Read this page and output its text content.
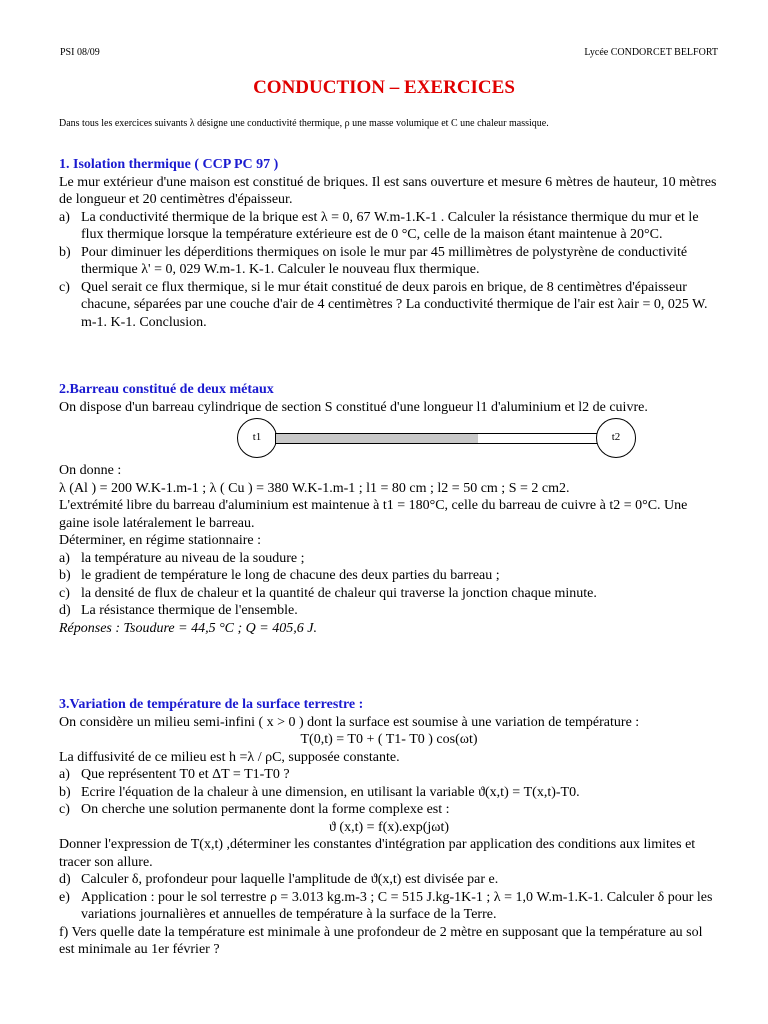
PSI 08/09	Lycée CONDORCET BELFORT
CONDUCTION – EXERCICES
Dans tous les exercices suivants λ désigne une conductivité thermique, ρ une masse volumique et C une chaleur massique.
1. Isolation thermique ( CCP PC 97 )
Le mur extérieur d'une maison est constitué de briques. Il est sans ouverture et mesure 6 mètres de hauteur, 10 mètres de longueur et 20 centimètres d'épaisseur.
a) La conductivité thermique de la brique est λ = 0, 67 W.m-1.K-1 . Calculer la résistance thermique du mur et le flux thermique lorsque la température extérieure est de 0 °C, celle de la maison étant maintenue à 20°C.
b) Pour diminuer les déperditions thermiques on isole le mur par 45 millimètres de polystyrène de conductivité thermique λ' = 0, 029 W.m-1. K-1. Calculer le nouveau flux thermique.
c) Quel serait ce flux thermique, si le mur était constitué de deux parois en brique, de 8 centimètres d'épaisseur chacune, séparées par une couche d'air de 4 centimètres ? La conductivité thermique de l'air est λair = 0, 025 W. m-1. K-1. Conclusion.
2.Barreau constitué de deux métaux
On dispose d'un barreau cylindrique de section S constitué d'une longueur l1 d'aluminium et l2 de cuivre.
t1	t2
On donne :
λ (Al ) = 200 W.K-1.m-1 ; λ ( Cu ) = 380 W.K-1.m-1 ; l1 = 80 cm ; l2 = 50 cm ; S = 2 cm2.
L'extrémité libre du barreau d'aluminium est maintenue à t1 = 180°C, celle du barreau de cuivre à t2 = 0°C. Une gaine isole latéralement le barreau.
Déterminer, en régime stationnaire :
a) la température au niveau de la soudure ;
b) le gradient de température le long de chacune des deux parties du barreau ;
c) la densité de flux de chaleur et la quantité de chaleur qui traverse la jonction chaque minute.
d) La résistance thermique de l'ensemble.
Réponses : Tsoudure = 44,5 °C ; Q = 405,6 J.
3.Variation de température de la surface terrestre :
On considère un milieu semi-infini ( x > 0 ) dont la surface est soumise à une variation de température :
T(0,t) = T0 + ( T1- T0 ) cos(ωt)
La diffusivité de ce milieu est h =λ / ρC, supposée constante.
a) Que représentent T0 et ΔT = T1-T0 ?
b) Ecrire l'équation de la chaleur à une dimension, en utilisant la variable ϑ(x,t) = T(x,t)-T0.
c) On cherche une solution permanente dont la forme complexe est :
ϑ (x,t) = f(x).exp(jωt)
Donner l'expression de T(x,t) ,déterminer les constantes d'intégration par application des conditions aux limites et tracer son allure.
d) Calculer δ, profondeur pour laquelle l'amplitude de ϑ(x,t) est divisée par e.
e) Application : pour le sol terrestre ρ = 3.013 kg.m-3 ; C = 515 J.kg-1K-1 ; λ = 1,0 W.m-1.K-1. Calculer δ pour les variations journalières et annuelles de température à la surface de la Terre.
f) Vers quelle date la température est minimale à une profondeur de 2 mètre en supposant que la température au sol est minimale au 1er février ?
